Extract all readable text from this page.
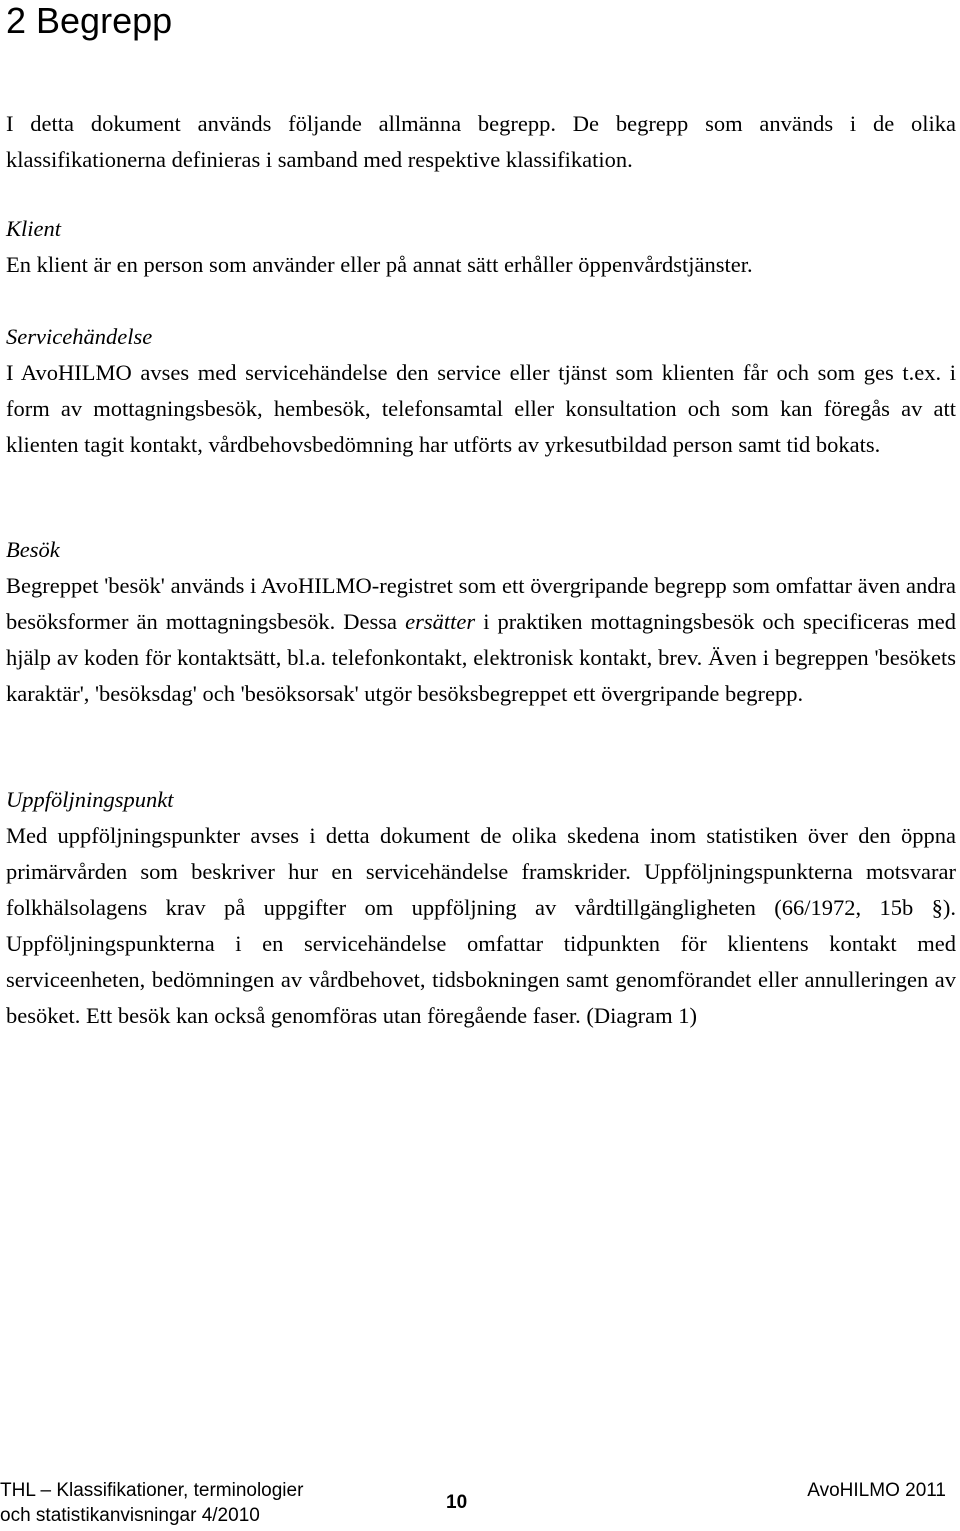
2 Begrepp

I detta dokument används följande allmänna begrepp. De begrepp som används i de olika klassifikationerna definieras i samband med respektive klassifikation.

Klient

En klient är en person som använder eller på annat sätt erhåller öppenvårdstjänster.

Servicehändelse

I AvoHILMO avses med servicehändelse den service eller tjänst som klienten får och som ges t.ex. i form av mottagningsbesök, hembesök, telefonsamtal eller konsultation och som kan föregås av att klienten tagit kontakt, vårdbehovsbedömning har utförts av yrkesutbildad person samt tid bokats.

Besök

Begreppet 'besök' används i AvoHILMO-registret som ett övergripande begrepp som omfattar även andra besöksformer än mottagningsbesök. Dessa ersätter i praktiken mottagningsbesök och specificeras med hjälp av koden för kontaktsätt, bl.a. telefonkontakt, elektronisk kontakt, brev. Även i begreppen 'besökets karaktär', 'besöksdag' och 'besöksorsak' utgör besöksbegreppet ett övergripande begrepp.

Uppföljningspunkt

Med uppföljningspunkter avses i detta dokument de olika skedena inom statistiken över den öppna primärvården som beskriver hur en servicehändelse framskrider. Uppföljningspunkterna motsvarar folkhälsolagens krav på uppgifter om uppföljning av vårdtillgängligheten (66/1972, 15b §). Uppföljningspunkterna i en servicehändelse omfattar tidpunkten för klientens kontakt med serviceenheten, bedömningen av vårdbehovet, tidsbokningen samt genomförandet eller annulleringen av besöket. Ett besök kan också genomföras utan föregående faser. (Diagram 1)

THL – Klassifikationer, terminologier
och statistikanvisningar 4/2010
10
AvoHILMO 2011
